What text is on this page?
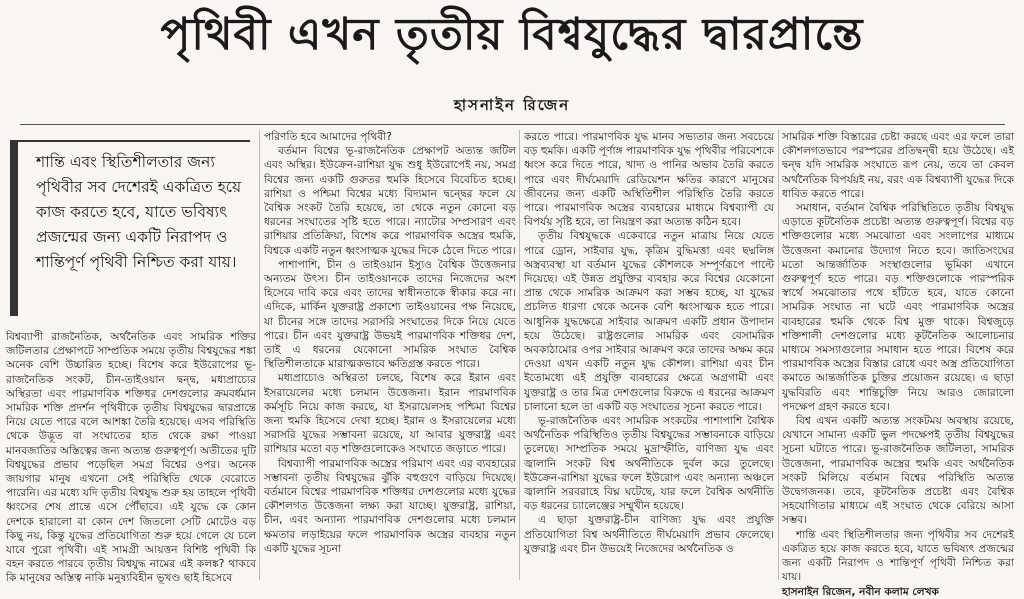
পৃথিবী এখন তৃতীয় বিশ্বযুদ্ধের দ্বারপ্রান্তে
হাসনাইন রিজেন
শান্তি এবং স্থিতিশীলতার জন্য পৃথিবীর সব দেশেরই একত্রিত হয়ে কাজ করতে হবে, যাতে ভবিষ্যৎ প্রজন্মের জন্য একটি নিরাপদ ও শান্তিপূর্ণ পৃথিবী নিশ্চিত করা যায়।

বিশ্বব্যাপী রাজনৈতিক, অর্থনৈতিক এবং সামরিক শক্তির জটিলতার প্রেক্ষাপটে সাম্প্রতিক সময়ে তৃতীয় বিশ্বযুদ্ধের শঙ্কা অনেক বেশি উচ্চারিত হচ্ছে। বিশেষ করে ইউরোপের ভূ-রাজনৈতিক সংকট, চীন-তাইওয়ান দ্বন্দ্ব, মধ্যপ্রাচ্যের অস্থিরতা এবং পারমাণবিক শক্তিধর দেশগুলোর ক্রমবর্ধমান সামরিক শক্তি প্রদর্শন পৃথিবীকে তৃতীয় বিশ্বযুদ্ধের দ্বারপ্রান্তে নিয়ে যেতে পারে বলে আশঙ্কা তৈরি হয়েছে। এসব পরিস্থিতি থেকে উদ্ভূত বা সংঘাতের হাত থেকে রক্ষা পাওয়া মানবজাতির অস্তিত্বের জন্য অত্যন্ত গুরুত্বপূর্ণ। অতীতের দুটি বিশ্বযুদ্ধের প্রভাব পড়েছিল সমগ্র বিশ্বের ওপর। অনেক জায়গার মানুষ এখনো সেই পরিস্থিতি থেকে বেরোতে পারেনি। এর মধ্যে যদি তৃতীয় বিশ্বযুদ্ধ শুরু হয় তাহলে পৃথিবী ধ্বংসের শেষ প্রান্তে এসে পৌঁছাবে। এই যুদ্ধে কে কোন দেশকে হারালো বা কোন দেশ জিতলো সেটি মোটেও বড় কিছু নয়, কিন্তু যুদ্ধের প্রতিযোগিতা শুরু হয়ে গেলে যে চলে যাবে পুরো পৃথিবী। এই সামগ্রী আয়ত্তন বিশিষ্ট পৃথিবী কি বহন করতে পারবে তৃতীয় বিশ্বযুদ্ধ নামের এই কলঙ্ক? থাকবে কি মানুষের অস্তিত্ব নাকি মনুষ্যবিহীন ভূখণ্ড ছাই হিসেবে

পরিণতি হবে আমাদের পৃথিবী?

বর্তমান বিশ্বের ভূ-রাজনৈতিক প্রেক্ষাপট অত্যন্ত জটিল এবং অস্থির। ইউক্রেন-রাশিয়া যুদ্ধ শুধু ইউরোপেই নয়, সমগ্র বিশ্বের জন্য একটি গুরুতর হুমকি হিসেবে বিবেচিত হচ্ছে। রাশিয়া ও পশ্চিমা বিশ্বের মধ্যে বিদ্যমান দ্বন্দ্বের ফলে যে বৈশ্বিক সংকট তৈরি হয়েছে, তা থেকে নতুন কোনো বড় ধরনের সংঘাতের সৃষ্টি হতে পারে। ন্যাটোর সম্প্রসারণ এবং রাশিয়ার প্রতিক্রিয়া, বিশেষ করে পারমাণবিক অস্ত্রের হুমকি, বিশ্বকে একটি নতুন ধ্বংসাত্মক যুদ্ধের দিকে ঠেলে দিতে পারে।

পাশাপাশি, চীন ও তাইওয়ান ইস্যুও বৈশ্বিক উত্তেজনার অন্যতম উৎস। চীন তাইওয়ানকে তাদের নিজেদের অংশ হিসেবে দাবি করে এবং তাদের স্বাধীনতাকে স্বীকার করে না। এদিকে, মার্কিন যুক্তরাষ্ট্র প্রকাশ্যে তাইওয়ানের পক্ষ নিয়েছে, যা চীনের সঙ্গে তাদের সরাসরি সংঘাতের দিকে নিয়ে যেতে পারে। চীন এবং যুক্তরাষ্ট্র উভয়ই পারমাণবিক শক্তিধর দেশ, তাই এ ধরনের যেকোনো সামরিক সংঘাত বৈশ্বিক স্থিতিশীলতাকে মারাত্মকভাবে ক্ষতিগ্রস্ত করতে পারে।

মধ্যপ্রাচ্যেও অস্থিরতা চলছে, বিশেষ করে ইরান এবং ইসরায়েলের মধ্যে চলমান উত্তেজনা। ইরান পারমাণবিক কর্মসূচি নিয়ে কাজ করছে, যা ইসরায়েলসহ পশ্চিমা বিশ্বের জন্য হুমকি হিসেবে দেখা হচ্ছে। ইরান ও ইসরায়েলের মধ্যে সরাসরি যুদ্ধের সম্ভাবনা রয়েছে, যা আবার যুক্তরাষ্ট্র এবং রাশিয়ার মতো বড় শক্তিগুলোকেও সংঘাতে জড়াতে পারে।

বিশ্বব্যাপী পারমাণবিক অস্ত্রের পরিমাণ এবং এর ব্যবহারের সম্ভাবনা তৃতীয় বিশ্বযুদ্ধের ঝুঁকি বহুগুণে বাড়িয়ে দিয়েছে। বর্তমানে বিশ্বের পারমাণবিক শক্তিধর দেশগুলোর মধ্যে যুদ্ধের কৌশলগত উত্তেজনা লক্ষ্য করা যাচ্ছে। যুক্তরাষ্ট্র, রাশিয়া, চীন, এবং অন্যান্য পারমাণবিক দেশগুলোর মধ্যে চলমান ক্ষমতার লড়াইয়ের ফলে পারমাণবিক অস্ত্রের ব্যবহার নতুন একটি যুদ্ধের সূচনা

করতে পারে। পারমাণবিক যুদ্ধ মানব সভ্যতার জন্য সবচেয়ে বড় হুমকি। একটি পূর্ণাঙ্গ পারমাণবিক যুদ্ধ পৃথিবীর পরিবেশকে ধ্বংস করে দিতে পারে, খাদ্য ও পানির অভাব তৈরি করতে পারে এবং দীর্ঘমেয়াদি রেডিয়েশন ক্ষতির কারণে মানুষের জীবনের জন্য একটি অস্থিতিশীল পরিস্থিতি তৈরি করতে পারে। পারমাণবিক অস্ত্রের ব্যবহারের মাধ্যমে বিশ্বব্যাপী যে বিপর্যয় সৃষ্টি হবে, তা নিয়ন্ত্রণ করা অত্যন্ত কঠিন হবে।

তৃতীয় বিশ্বযুদ্ধকে একেবারে নতুন মাত্রায় নিয়ে যেতে পারে ড্রোন, সাইবার যুদ্ধ, কৃত্রিম বুদ্ধিমত্তা এবং ছদ্মলিঙ্গ অস্ত্রব্যবস্থা যা বর্তমান যুদ্ধের কৌশলকে সম্পূর্ণরূপে পাল্টে দিয়েছে। এই উন্নত প্রযুক্তির ব্যবহার করে বিশ্বের যেকোনো প্রান্ত থেকে সামরিক আক্রমণ করা সম্ভব হচ্ছে, যা যুদ্ধের প্রচলিত ধারণা থেকে অনেক বেশি ধ্বংসাত্মক হতে পারে। আধুনিক যুদ্ধক্ষেত্রে সাইবার আক্রমণ একটি প্রধান উপাদান হয়ে উঠেছে। রাষ্ট্রগুলোর সামরিক এবং বেসামরিক অবকাঠামোর ওপর সাইবার আক্রমণ করে তাদের অক্ষম করে দেওয়া এখন একটি নতুন যুদ্ধ কৌশল। রাশিয়া এবং চীন ইতোমধ্যে এই প্রযুক্তি ব্যবহারের ক্ষেত্রে অগ্রগামী এবং যুক্তরাষ্ট্র ও তার মিত্র দেশগুলোর বিরুদ্ধে এ ধরনের আক্রমণ চালানো হলে তা একটি বড় সংঘাতের সূচনা করতে পারে।

ভূ-রাজনৈতিক এবং সামরিক সংকটের পাশাপাশি বৈশ্বিক অর্থনৈতিক পরিস্থিতিও তৃতীয় বিশ্বযুদ্ধের সম্ভাবনাকে বাড়িয়ে তুলেছে। সাম্প্রতিক সময়ে মুদ্রাস্ফীতি, বাণিজ্য যুদ্ধ এবং জ্বালানি সংকট বিশ্ব অর্থনীতিকে দুর্বল করে তুলেছে। ইউক্রেন-রাশিয়া যুদ্ধের ফলে ইউরোপ এবং অন্যান্য অঞ্চলে জ্বালানি সরবরাহে বিঘ্ন ঘটেছে, যার ফলে বৈশ্বিক অর্থনীতি বড় ধরনের চ্যালেঞ্জের সম্মুখীন হয়েছে।

এ ছাড়া যুক্তরাষ্ট্র-চীন বাণিজ্য যুদ্ধ এবং প্রযুক্তি প্রতিযোগিতা বিশ্ব অর্থনীতিতে দীর্ঘমেয়াদি প্রভাব ফেলেছে। যুক্তরাষ্ট্র এবং চীন উভয়েই নিজেদের অর্থনৈতিক ও

সামরিক শক্তি বিস্তারের চেষ্টা করছে এবং এর ফলে তারা কৌশলগতভাবে পরস্পরের প্রতিদ্বন্দ্বী হয়ে উঠেছে। এই দ্বন্দ্ব যদি সামরিক সংঘাতে রূপ নেয়, তবে তা কেবল অর্থনৈতিক বিপর্যয়ই নয়, বরং এক বিশ্বব্যাপী যুদ্ধের দিকে ধাবিত করতে পারে।

সমাধান, বর্তমান বৈশ্বিক পরিস্থিতিতে তৃতীয় বিশ্বযুদ্ধ এড়াতে কূটনৈতিক প্রচেষ্টা অত্যন্ত গুরুত্বপূর্ণ। বিশ্বের বড় শক্তিগুলোর মধ্যে সমঝোতা এবং সংলাপের মাধ্যমে উত্তেজনা কমানোর উদ্যোগ নিতে হবে। জাতিসংঘের মতো আন্তর্জাতিক সংস্থাগুলোর ভূমিকা এখানে গুরুত্বপূর্ণ হতে পারে। বড় শক্তিগুলোকে পারস্পরিক স্বার্থে সমঝোতার পথে হাঁটতে হবে, যাতে কোনো সামরিক সংঘাত না ঘটে এবং পারমাণবিক অস্ত্রের ব্যবহারের হুমকি থেকে বিশ্ব মুক্ত থাকে। বিশ্বজুড়ে শক্তিশালী দেশগুলোর মধ্যে কূটনৈতিক আলোচনার মাধ্যমে সমস্যাগুলোর সমাধান হতে পারে। বিশেষ করে পারমাণবিক অস্ত্রের বিস্তার রোধে এবং অস্ত্র প্রতিযোগিতা কমাতে আন্তর্জাতিক চুক্তির প্রয়োজন রয়েছে। এ ছাড়া যুদ্ধবিরতি এবং শান্তিচুক্তি নিয়ে আরও জোরালো পদক্ষেপ গ্রহণ করতে হবে।

বিশ্ব এখন একটি অত্যন্ত সংকটময় অবস্থায় রয়েছে, যেখানে সামান্য একটি ভুল পদক্ষেপই তৃতীয় বিশ্বযুদ্ধের সূচনা ঘটাতে পারে। ভূ-রাজনৈতিক জটিলতা, সামরিক উত্তেজনা, পারমাণবিক অস্ত্রের হুমকি এবং অর্থনৈতিক সংকট মিলিয়ে বর্তমান বিশ্বের পরিস্থিতি অত্যন্ত উদ্বেগজনক। তবে, কূটনৈতিক প্রচেষ্টা এবং বৈশ্বিক সহযোগিতার মাধ্যমে এই সংঘাত থেকে বেরিয়ে আসা সম্ভব।

শান্তি এবং স্থিতিশীলতার জন্য পৃথিবীর সব দেশেরই একত্রিত হয়ে কাজ করতে হবে, যাতে ভবিষ্যৎ প্রজন্মের জন্য একটি নিরাপদ ও শান্তিপূর্ণ পৃথিবী নিশ্চিত করা যায়।

হাসনাইন রিজেন, নবীন কলাম লেখক
